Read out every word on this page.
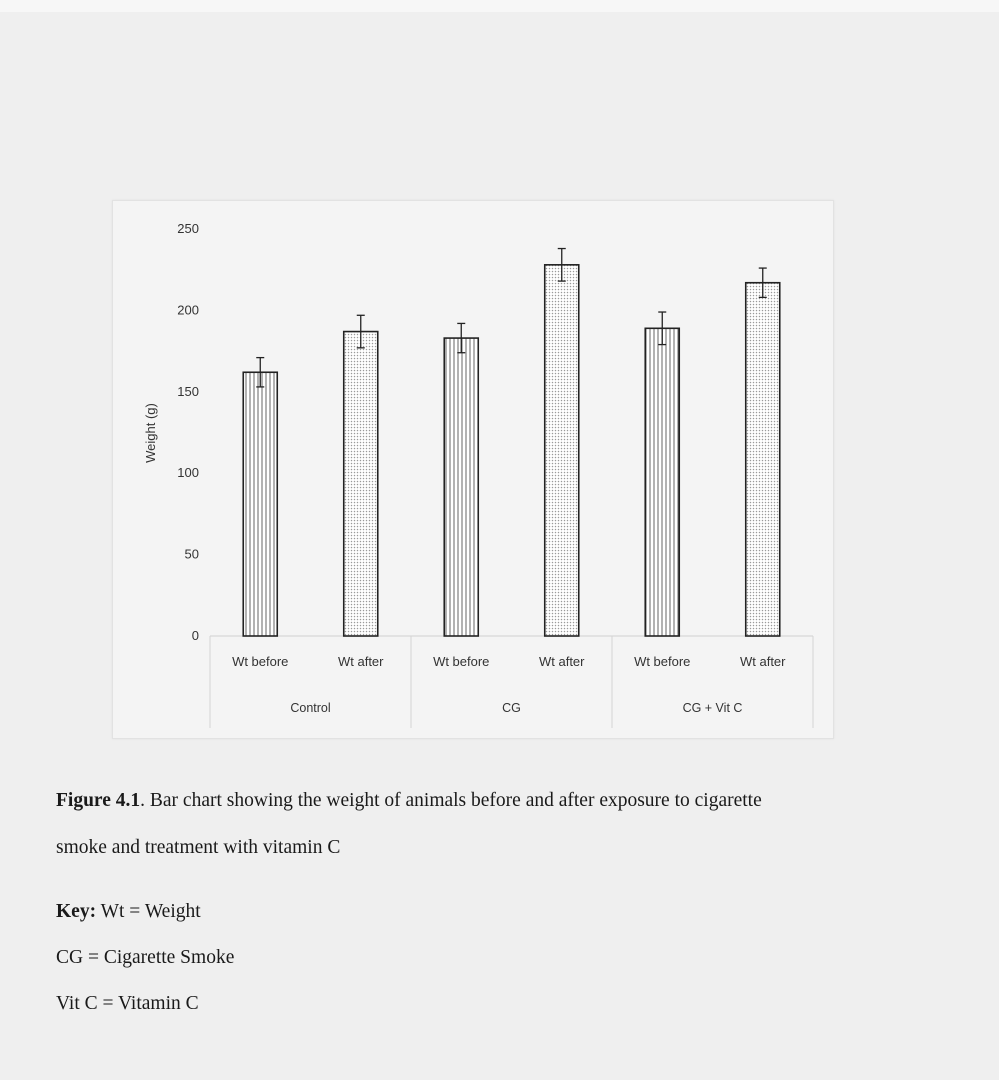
Weight (g)
0
50
100
150
200
250
Wt before	Wt after	Wt before	Wt after	Wt before	Wt after
Control	CG	CG + Vit C
Figure 4.1. Bar chart showing the weight of animals before and after exposure to cigarette
smoke and treatment with vitamin C
Key: Wt = Weight
CG = Cigarette Smoke
Vit C = Vitamin C
